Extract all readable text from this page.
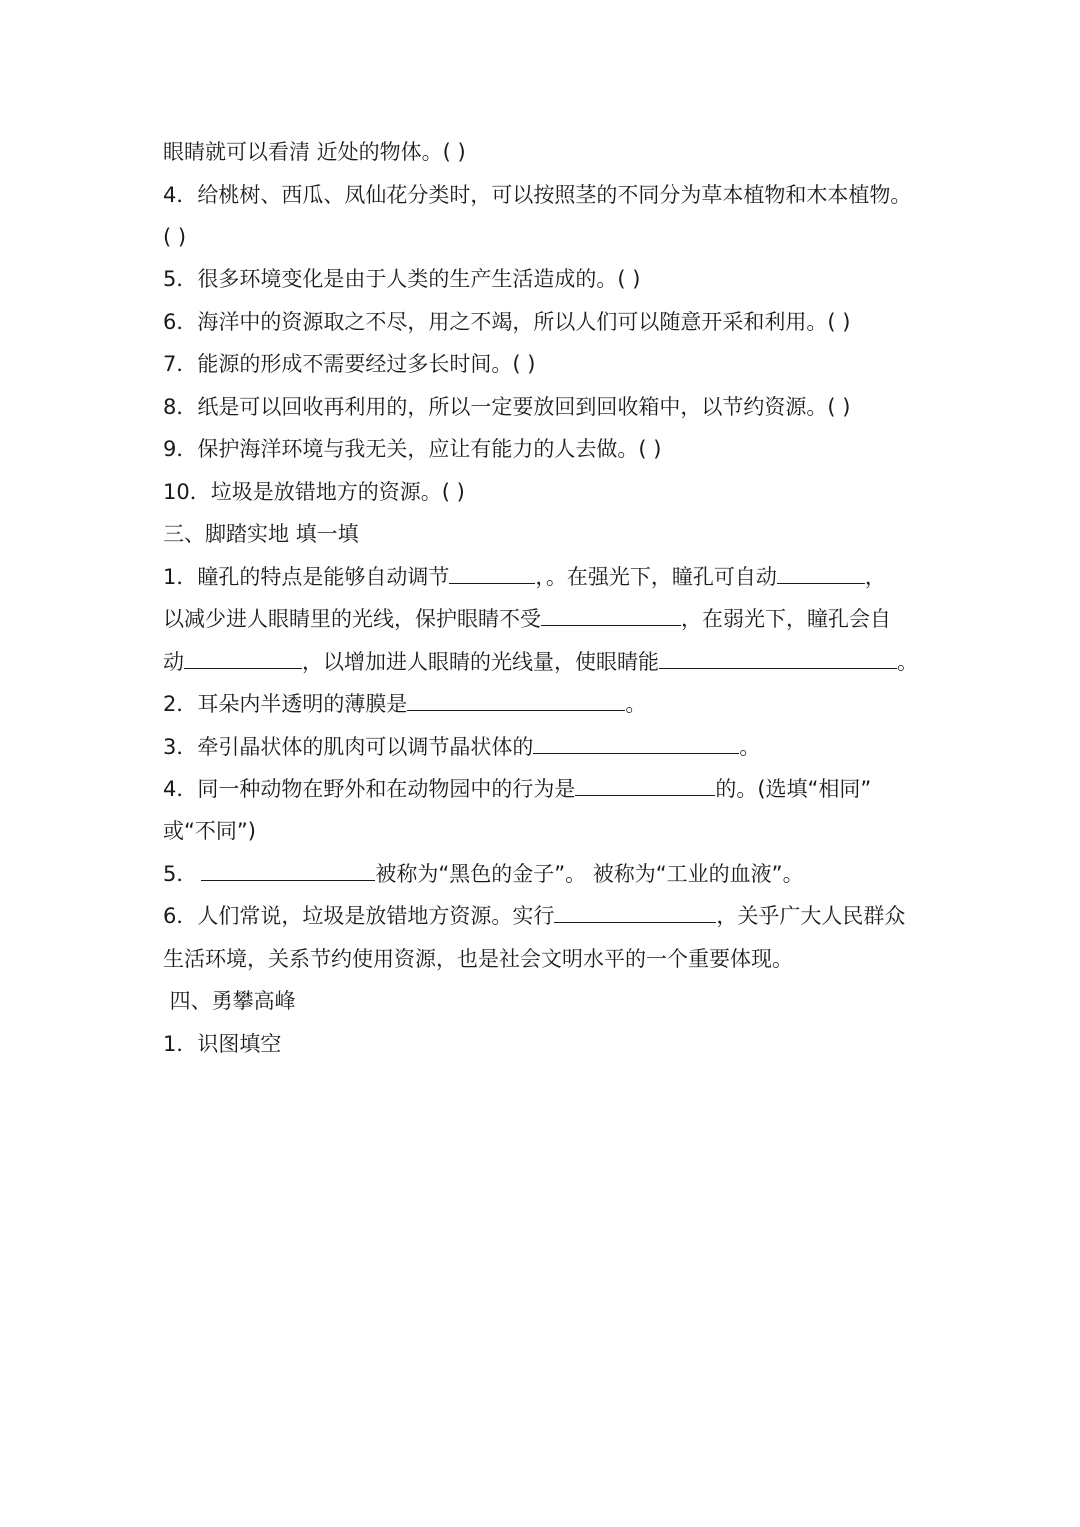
眼睛就可以看清 近处的物体。( )
4．给桃树、西瓜、凤仙花分类时，可以按照茎的不同分为草本植物和木本植物。
( )
5．很多环境变化是由于人类的生产生活造成的。( )
6．海洋中的资源取之不尽，用之不竭，所以人们可以随意开采和利用。( )
7．能源的形成不需要经过多长时间。( )
8．纸是可以回收再利用的，所以一定要放回到回收箱中，以节约资源。( )
9．保护海洋环境与我无关，应让有能力的人去做。( )
10．垃圾是放错地方的资源。( )
三、脚踏实地 填一填
1．瞳孔的特点是能够自动调节	，。在强光下，瞳孔可自动	，
以减少进人眼睛里的光线，保护眼睛不受	，在弱光下，瞳孔会自
动	，以增加进人眼睛的光线量，使眼睛能	。
2．耳朵内半透明的薄膜是	。
3．牵引晶状体的肌肉可以调节晶状体的	。
4．同一种动物在野外和在动物园中的行为是	的。(选填“相同”
或“不同”)
5．	被称为“黑色的金子”。 被称为“工业的血液”。
6．人们常说，垃圾是放错地方资源。实行	，关乎广大人民群众
生活环境，关系节约使用资源，也是社会文明水平的一个重要体现。
四、勇攀高峰
1．识图填空
